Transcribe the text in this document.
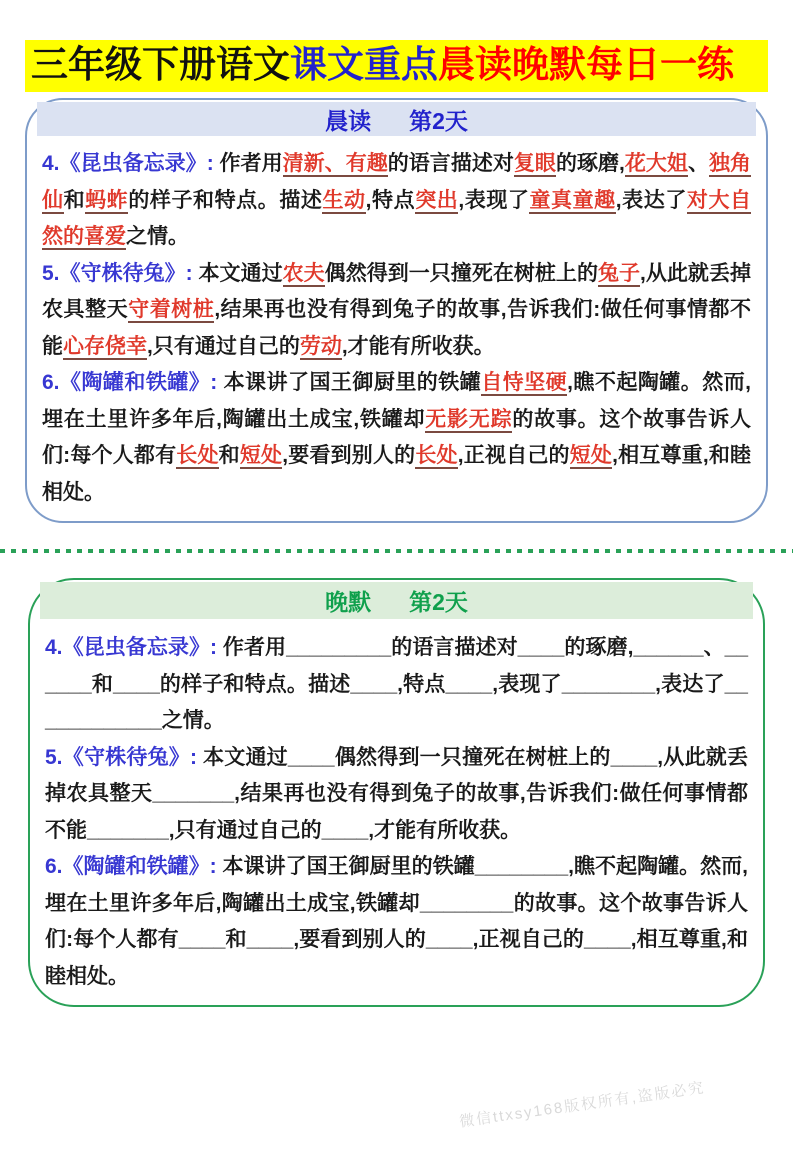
三年级下册语文课文重点晨读晚默每日一练
晨读 第2天

4.《昆虫备忘录》: 作者用清新、有趣的语言描述对复眼的琢磨,花大姐、独角仙和蚂蚱的样子和特点。描述生动,特点突出,表现了童真童趣,表达了对大自然的喜爱之情。

5.《守株待兔》: 本文通过农夫偶然得到一只撞死在树桩上的兔子,从此就丢掉农具整天守着树桩,结果再也没有得到兔子的故事,告诉我们:做任何事情都不能心存侥幸,只有通过自己的劳动,才能有所收获。

6.《陶罐和铁罐》: 本课讲了国王御厨里的铁罐自恃坚硬,瞧不起陶罐。然而,埋在土里许多年后,陶罐出土成宝,铁罐却无影无踪的故事。这个故事告诉人们:每个人都有长处和短处,要看到别人的长处,正视自己的短处,相互尊重,和睦相处。

晚默 第2天

4.《昆虫备忘录》: 作者用_________的语言描述对____的琢磨,______、______和____的样子和特点。描述____,特点____,表现了________,表达了____________之情。

5.《守株待兔》: 本文通过____偶然得到一只撞死在树桩上的____,从此就丢掉农具整天_______,结果再也没有得到兔子的故事,告诉我们:做任何事情都不能_______,只有通过自己的____,才能有所收获。

6.《陶罐和铁罐》: 本课讲了国王御厨里的铁罐________,瞧不起陶罐。然而,埋在土里许多年后,陶罐出土成宝,铁罐却________的故事。这个故事告诉人们:每个人都有____和____,要看到别人的____,正视自己的____,相互尊重,和睦相处。

微信ttxsy168版权所有,盗版必究
